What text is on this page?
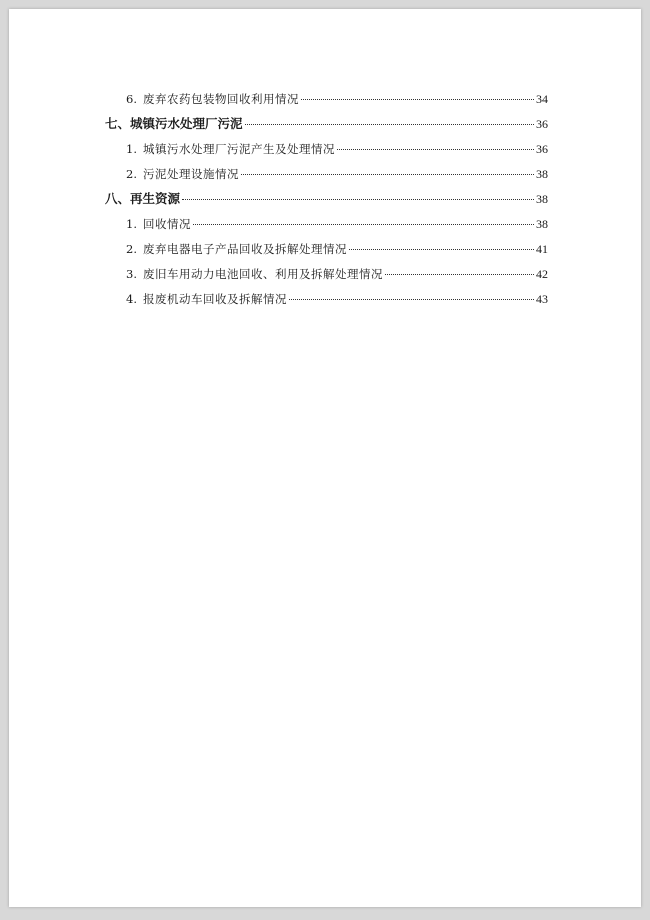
6. 废弃农药包装物回收利用情况	34
七、 城镇污水处理厂污泥	36
1. 城镇污水处理厂污泥产生及处理情况	36
2. 污泥处理设施情况	38
八、 再生资源	38
1. 回收情况	38
2. 废弃电器电子产品回收及拆解处理情况	41
3. 废旧车用动力电池回收、利用及拆解处理情况	42
4. 报废机动车回收及拆解情况	43
